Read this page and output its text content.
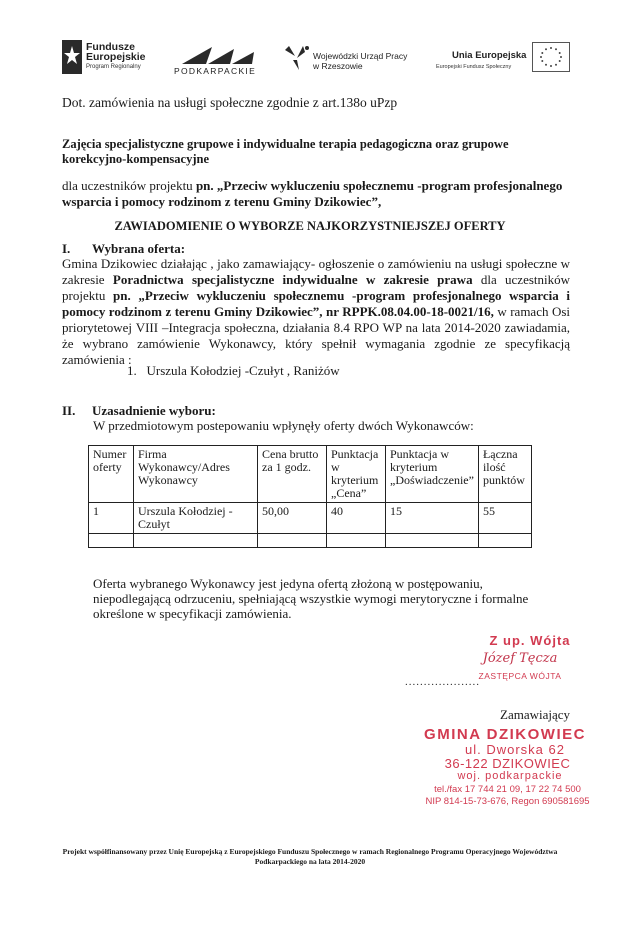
Fundusze
Europejskie
Program Regionalny	PODKARPACKIE
Wojewódzki Urząd Pracy
w Rzeszowie
Unia Europejska
Europejski Fundusz Społeczny
Dot. zamówienia na usługi społeczne zgodnie z art.138o uPzp
Zajęcia specjalistyczne grupowe i indywidualne terapia pedagogiczna oraz grupowe korekcyjno-kompensacyjne
dla uczestników projektu pn. „Przeciw wykluczeniu społecznemu -program profesjonalnego wsparcia i pomocy rodzinom z terenu Gminy Dzikowiec”,
ZAWIADOMIENIE O WYBORZE NAJKORZYSTNIEJSZEJ OFERTY
I. Wybrana oferta:
Gmina Dzikowiec działając , jako zamawiający- ogłoszenie o zamówieniu na usługi społeczne w zakresie Poradnictwa specjalistyczne indywidualne w zakresie prawa dla uczestników projektu pn. „Przeciw wykluczeniu społecznemu -program profesjonalnego wsparcia i pomocy rodzinom z terenu Gminy Dzikowiec”, nr RPPK.08.04.00-18-0021/16, w ramach Osi priorytetowej VIII –Integracja społeczna, działania 8.4 RPO WP na lata 2014-2020 zawiadamia, że wybrano zamówienie Wykonawcy, który spełnił wymagania zgodnie ze specyfikacją zamówienia :
1. Urszula Kołodziej -Czułyt , Raniżów
II. Uzasadnienie wyboru:
W przedmiotowym postepowaniu wpłynęły oferty dwóch Wykonawców:
Numer oferty	Firma Wykonawcy/Adres Wykonawcy	Cena brutto za 1 godz.	Punktacja w kryterium „Cena”	Punktacja w kryterium „Doświadczenie”	Łączna ilość punktów
1	Urszula Kołodziej - Czułyt	50,00	40	15	55

Oferta wybranego Wykonawcy jest jedyna ofertą złożoną w postępowaniu, niepodlegającą odrzuceniu, spełniającą wszystkie wymogi merytoryczne i formalne określone w specyfikacji zamówienia.
Z up. Wójta
Józef Tęcza
....................
ZASTĘPCA WÓJTA
Zamawiający
GMINA DZIKOWIEC
ul. Dworska 62
36-122 DZIKOWIEC
woj. podkarpackie
tel./fax 17 744 21 09, 17 22 74 500
NIP 814-15-73-676, Regon 690581695
Projekt współfinansowany przez Unię Europejską z Europejskiego Funduszu Społecznego w ramach Regionalnego Programu Operacyjnego Województwa Podkarpackiego na lata 2014-2020
